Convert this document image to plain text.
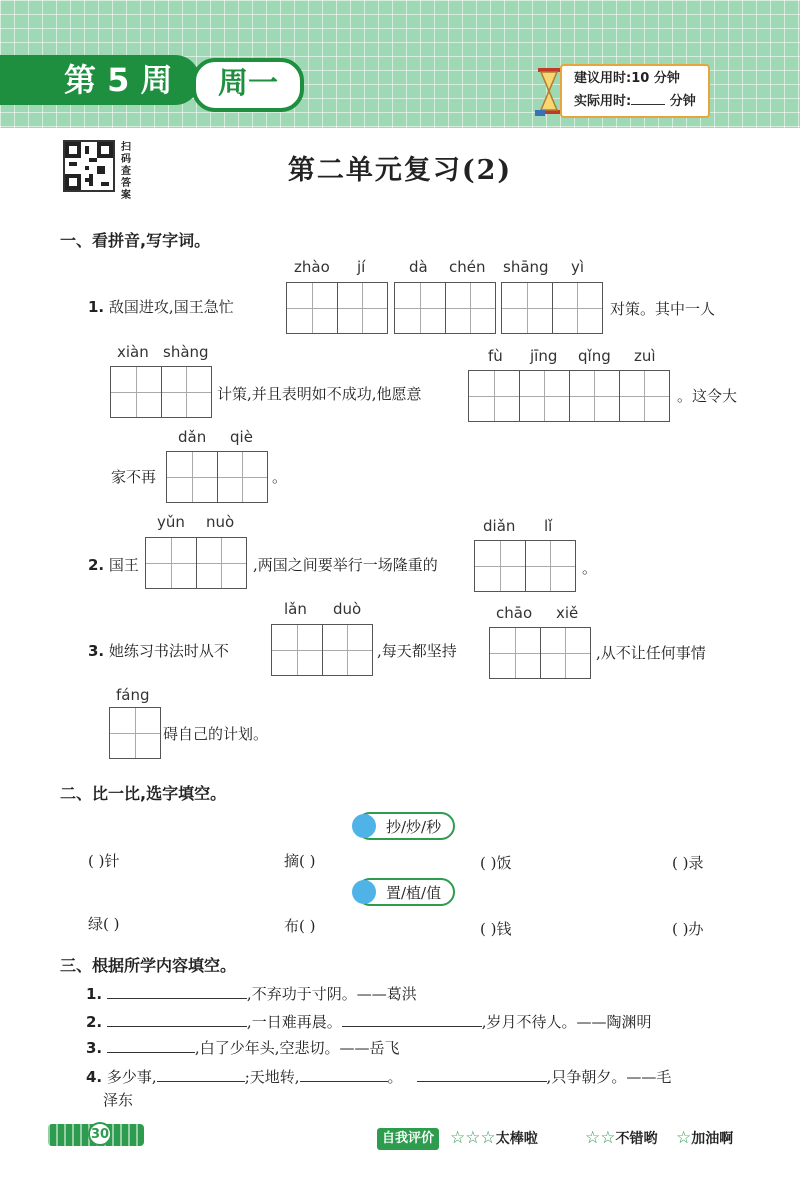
第 5 周	周一	建议用时:10 分钟
实际用时:	分钟
扫码查答案
第二单元复习(2)
一、看拼音,写字词。
zhào jí	dà chén shāng yì
1. 敌国进攻,国王急忙	对策。其中一人
xiàn shàng	fù jīng qǐng zuì
计策,并且表明如不成功,他愿意	。这令大
dǎn qiè
家不再	。
yǔn nuò	diǎn lǐ
2. 国王	,两国之间要举行一场隆重的	。
lǎn duò	chāo xiě
3. 她练习书法时从不	,每天都坚持	,从不让任何事情
fáng
碍自己的计划。
二、比一比,选字填空。
抄/炒/秒
( )针	摘( )	( )饭	( )录
置/植/值
绿( )	布( )	( )钱	( )办
三、根据所学内容填空。
1.	,不弃功于寸阴。——葛洪
2.	,一日难再晨。	,岁月不待人。——陶渊明
3.	,白了少年头,空悲切。——岳飞
4. 多少事,	;天地转,	。	,只争朝夕。——毛
泽东
30	自我评价 ☆☆☆太棒啦	☆☆不错哟 ☆加油啊
